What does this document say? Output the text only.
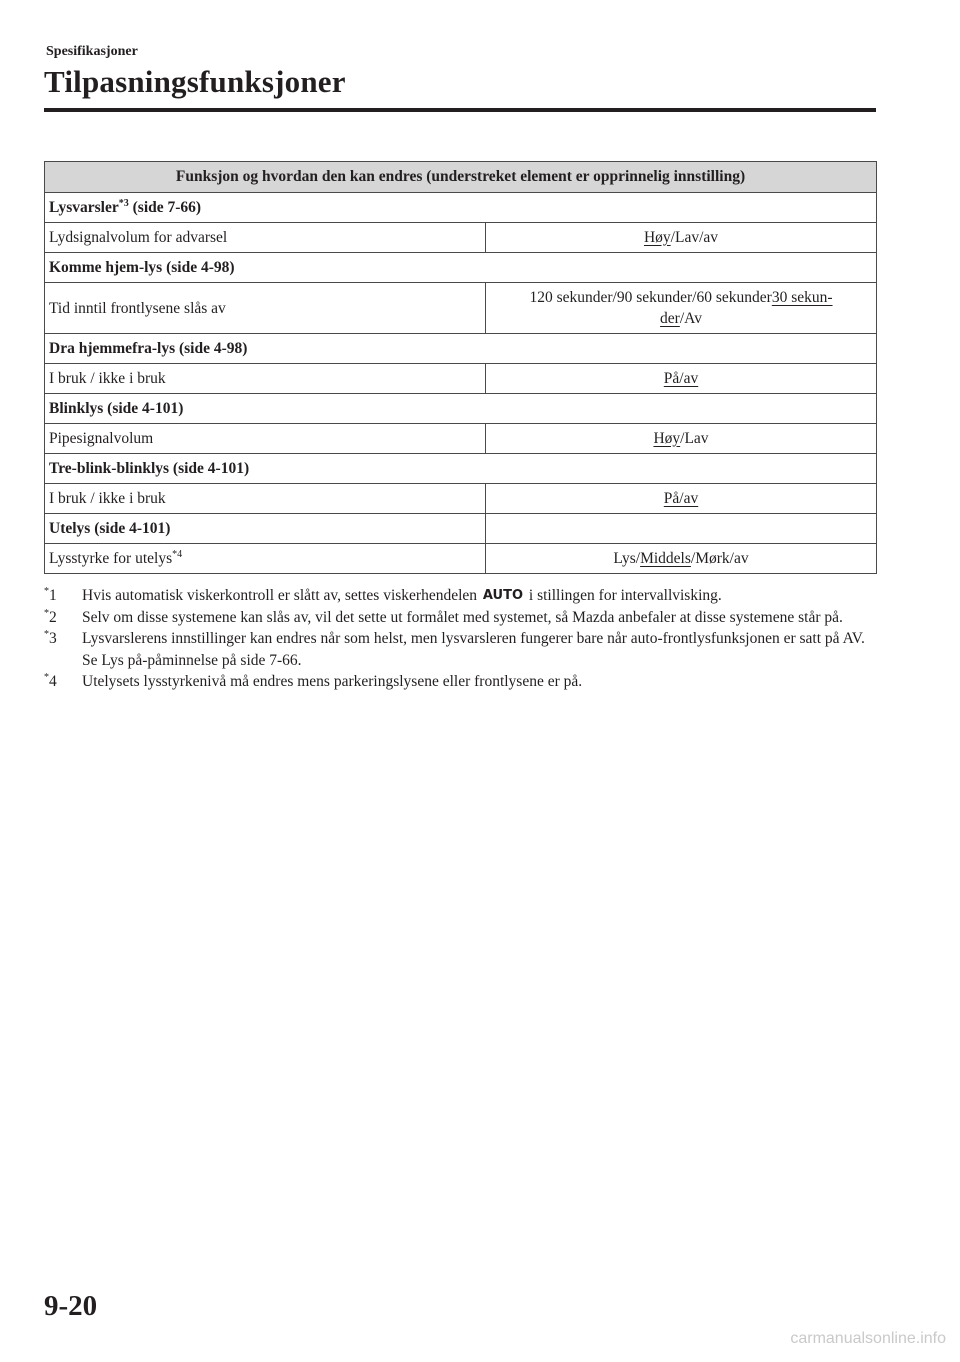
Spesifikasjoner
Tilpasningsfunksjoner
Funksjon og hvordan den kan endres (understreket element er opprinnelig innstilling)	
Lysvarsler$^{*3}$ (side 7-66)	
Lydsignalvolum for advarsel	Høy/Lav/av
Komme hjem-lys (side 4-98)	
Tid inntil frontlysene slås av	120 sekunder/90 sekunder/60 sekunder30 sekun-
der/Av
Dra hjemmefra-lys (side 4-98)	
I bruk / ikke i bruk	På/av
Blinklys (side 4-101)	
Pipesignalvolum	Høy/Lav
Tre-blink-blinklys (side 4-101)	
I bruk / ikke i bruk	På/av
Utelys (side 4-101)	
Lysstyrke for utelys$^{*4}$	Lys/Middels/Mørk/av
*1 Hvis automatisk viskerkontroll er slått av, settes viskerhendelen AUTO i stillingen for intervallvisking.
*2 Selv om disse systemene kan slås av, vil det sette ut formålet med systemet, så Mazda anbefaler at disse systemene står på.
*3 Lysvarslerens innstillinger kan endres når som helst, men lysvarsleren fungerer bare når auto-frontlysfunksjonen er satt på AV. Se Lys på-påminnelse på side 7-66.
*4 Utelysets lysstyrkenivå må endres mens parkeringslysene eller frontlysene er på.
9-20
carmanualsonline.info
